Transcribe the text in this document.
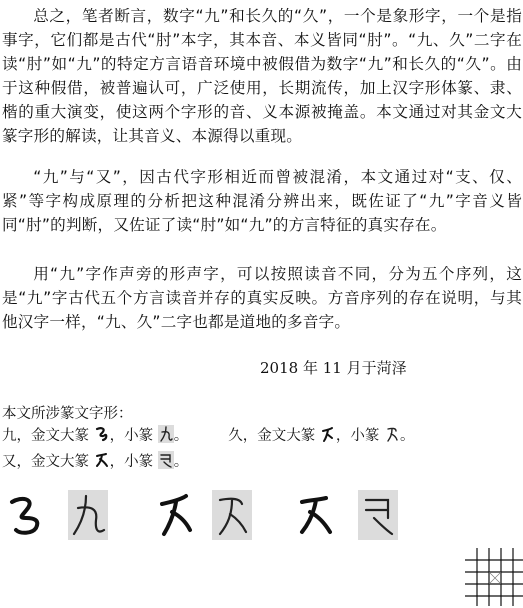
总之，笔者断言，数字“九”和长久的“久”，一个是象形字，一个是指事字，它们都是古代“肘”本字，其本音、本义皆同“肘”。“九、久”二字在读“肘”如“九”的特定方言语音环境中被假借为数字“九”和长久的“久”。由于这种假借，被普遍认可，广泛使用，长期流传，加上汉字形体篆、隶、楷的重大演变，使这两个字形的音、义本源被掩盖。本文通过对其金文大篆字形的解读，让其音义、本源得以重现。

“九”与“又”，因古代字形相近而曾被混淆，本文通过对“支、仅、紧”等字构成原理的分析把这种混淆分辨出来，既佐证了“九”字音义皆同“肘”的判断，又佐证了读“肘”如“九”的方言特征的真实存在。

用“九”字作声旁的形声字，可以按照读音不同，分为五个序列，这是“九”字古代五个方言读音并存的真实反映。方音序列的存在说明，与其他汉字一样，“九、久”二字也都是道地的多音字。

2018 年 11 月于菏泽
本文所涉篆文字形：
九，金文大篆 ，小篆 。	久，金文大篆 ，小篆 。
又，金文大篆 ，小篆 。
